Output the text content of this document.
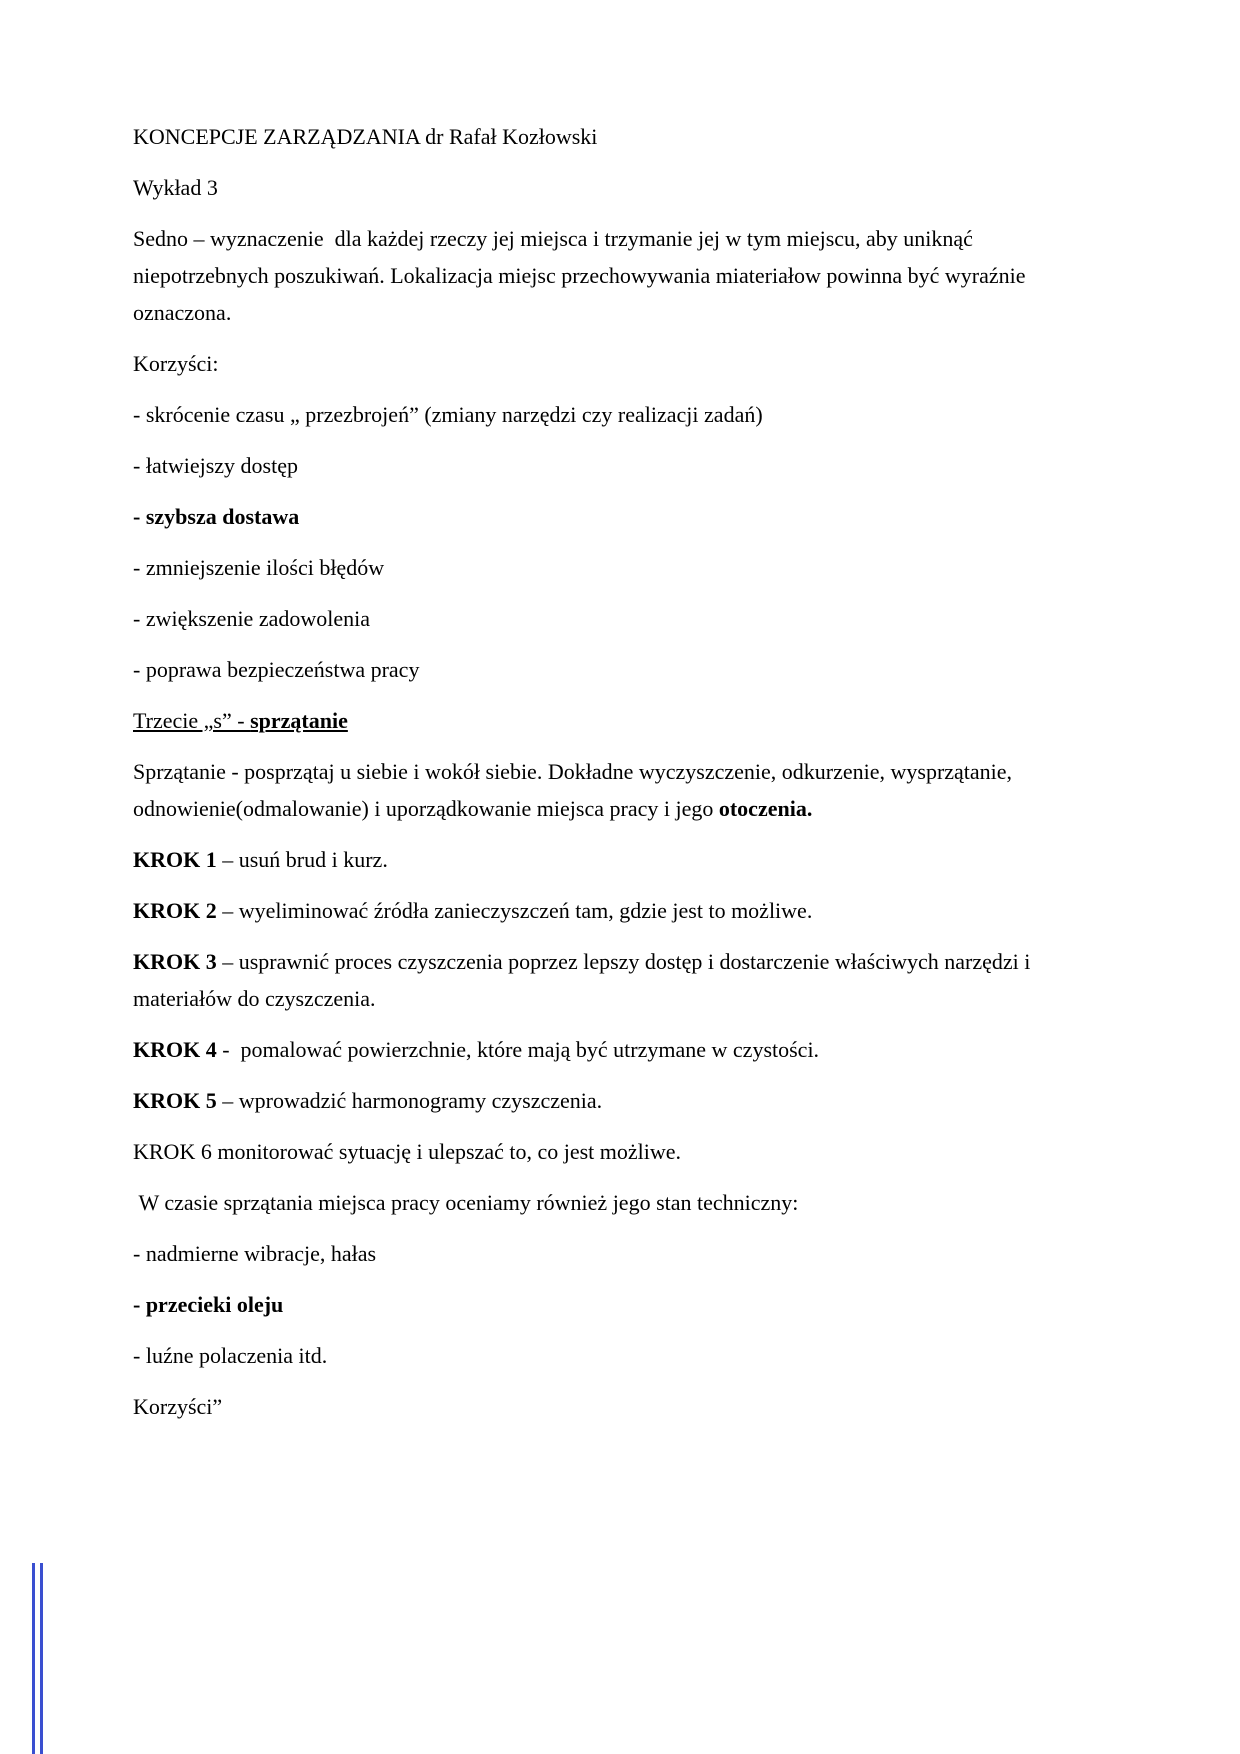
KONCEPCJE ZARZĄDZANIA dr Rafał Kozłowski

Wykład 3

Sedno – wyznaczenie  dla każdej rzeczy jej miejsca i trzymanie jej w tym miejscu, aby uniknąć niepotrzebnych poszukiwań. Lokalizacja miejsc przechowywania miateriałow powinna być wyraźnie oznaczona.

Korzyści:

- skrócenie czasu „ przezbrojeń” (zmiany narzędzi czy realizacji zadań)

- łatwiejszy dostęp

- szybsza dostawa

- zmniejszenie ilości błędów

- zwiększenie zadowolenia

- poprawa bezpieczeństwa pracy

Trzecie „s” - sprzątanie

Sprzątanie - posprzątaj u siebie i wokół siebie. Dokładne wyczyszczenie, odkurzenie, wysprzątanie, odnowienie(odmalowanie) i uporządkowanie miejsca pracy i jego otoczenia.

KROK 1 – usuń brud i kurz.

KROK 2 – wyeliminować źródła zanieczyszczeń tam, gdzie jest to możliwe.

KROK 3 – usprawnić proces czyszczenia poprzez lepszy dostęp i dostarczenie właściwych narzędzi i materiałów do czyszczenia.

KROK 4 -  pomalować powierzchnie, które mają być utrzymane w czystości.

KROK 5 – wprowadzić harmonogramy czyszczenia.

KROK 6 monitorować sytuację i ulepszać to, co jest możliwe.

W czasie sprzątania miejsca pracy oceniamy również jego stan techniczny:

- nadmierne wibracje, hałas

- przecieki oleju

- luźne polaczenia itd.

Korzyści”
